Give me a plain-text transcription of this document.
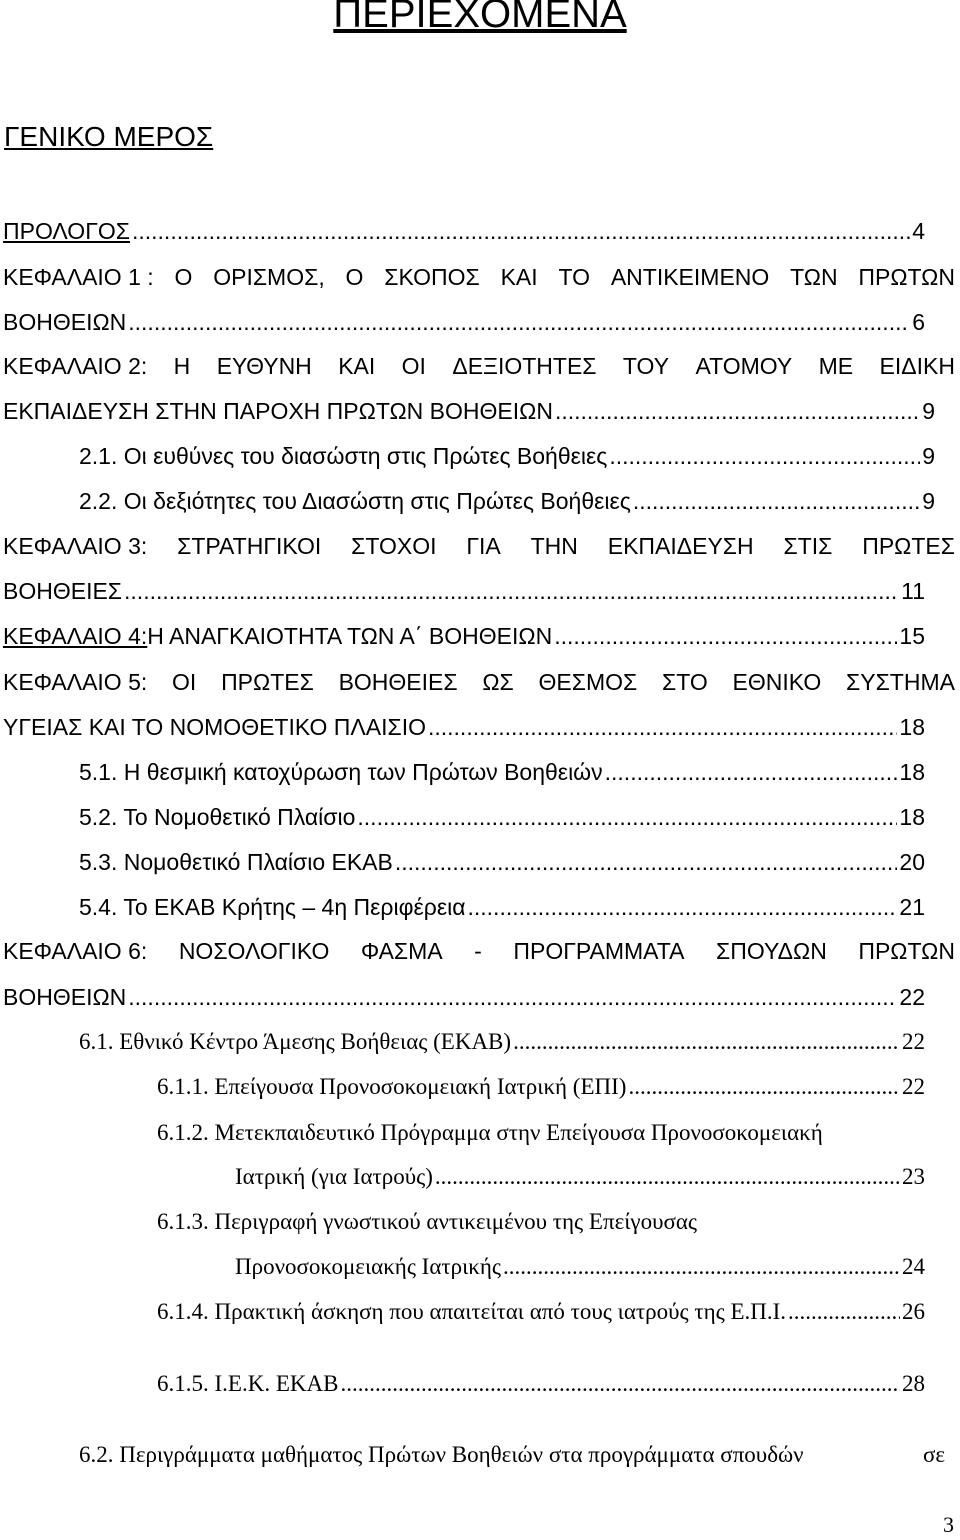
ΠΕΡΙΕΧΟΜΕΝΑ
ΓΕΝΙΚΟ ΜΕΡΟΣ
ΠΡΟΛΟΓΟΣ .....	4
ΚΕΦΑΛΑΙΟ 1 : Ο ΟΡΙΣΜΟΣ, Ο ΣΚΟΠΟΣ ΚΑΙ ΤΟ ΑΝΤΙΚΕΙΜΕΝΟ ΤΩΝ ΠΡΩΤΩΝ
ΒΟΗΘΕΙΩΝ .....	6
ΚΕΦΑΛΑΙΟ 2: Η ΕΥΘΥΝΗ ΚΑΙ ΟΙ ΔΕΞΙΟΤΗΤΕΣ ΤΟΥ ΑΤΟΜΟΥ ΜΕ ΕΙΔΙΚΗ
ΕΚΠΑΙΔΕΥΣΗ ΣΤΗΝ ΠΑΡΟΧΗ ΠΡΩΤΩΝ ΒΟΗΘΕΙΩΝ .....	9
2.1. Οι ευθύνες του διασώστη στις Πρώτες Βοήθειες .....	9
2.2. Οι δεξιότητες του Διασώστη στις Πρώτες Βοήθειες .....	9
ΚΕΦΑΛΑΙΟ 3: ΣΤΡΑΤΗΓΙΚΟΙ ΣΤΟΧΟΙ ΓΙΑ ΤΗΝ ΕΚΠΑΙΔΕΥΣΗ ΣΤΙΣ ΠΡΩΤΕΣ
ΒΟΗΘΕΙΕΣ .....	11
ΚΕΦΑΛΑΙΟ 4: Η ΑΝΑΓΚΑΙΟΤΗΤΑ ΤΩΝ Α΄ ΒΟΗΘΕΙΩΝ .....	15
ΚΕΦΑΛΑΙΟ 5: ΟΙ ΠΡΩΤΕΣ ΒΟΗΘΕΙΕΣ ΩΣ ΘΕΣΜΟΣ ΣΤΟ ΕΘΝΙΚΟ ΣΥΣΤΗΜΑ
ΥΓΕΙΑΣ ΚΑΙ ΤΟ ΝΟΜΟΘΕΤΙΚΟ ΠΛΑΙΣΙΟ .....	18
5.1. Η θεσμική κατοχύρωση των Πρώτων Βοηθειών .....	18
5.2. Το Νομοθετικό Πλαίσιο .....	18
5.3. Νομοθετικό Πλαίσιο ΕΚΑΒ .....	20
5.4. Το ΕΚΑΒ Κρήτης – 4η Περιφέρεια .....	21
ΚΕΦΑΛΑΙΟ 6: ΝΟΣΟΛΟΓΙΚΟ ΦΑΣΜΑ - ΠΡΟΓΡΑΜΜΑΤΑ ΣΠΟΥΔΩΝ ΠΡΩΤΩΝ
ΒΟΗΘΕΙΩΝ .....	22
6.1. Εθνικό Κέντρο Άμεσης Βοήθειας (ΕΚΑΒ) .....	22
6.1.1. Επείγουσα Προνοσοκομειακή Ιατρική (ΕΠΙ) .....	22
6.1.2. Μετεκπαιδευτικό Πρόγραμμα στην Επείγουσα Προνοσοκομειακή
Ιατρική (για Ιατρούς) .....	23
6.1.3. Περιγραφή γνωστικού αντικειμένου της Επείγουσας
Προνοσοκομειακής Ιατρικής .....	24
6.1.4. Πρακτική άσκηση που απαιτείται από τους ιατρούς της Ε.Π.Ι. .....	26
6.1.5. Ι.Ε.Κ. ΕΚΑΒ .....	28
6.2. Περιγράμματα μαθήματος Πρώτων Βοηθειών στα προγράμματα σπουδών	σε
3
